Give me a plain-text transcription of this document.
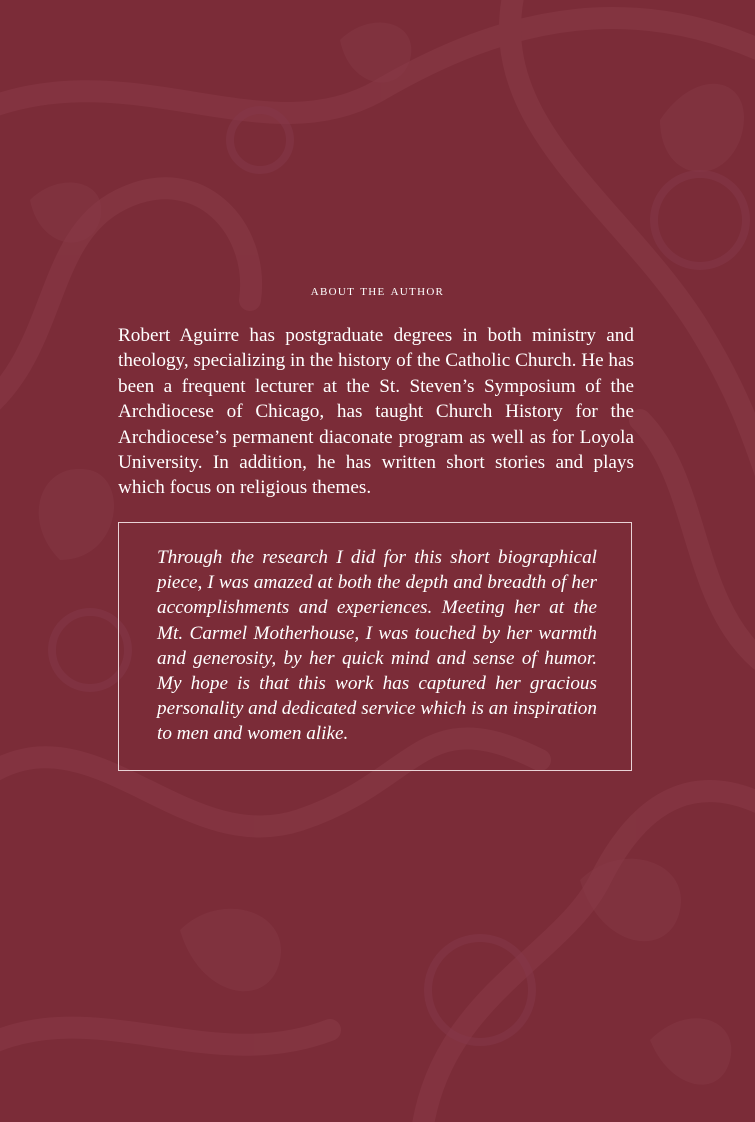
about the author

Robert Aguirre has postgraduate degrees in both ministry and theology, specializing in the history of the Catholic Church. He has been a frequent lecturer at the St. Steven’s Symposium of the Archdiocese of Chicago, has taught Church History for the Archdiocese’s permanent diaconate program as well as for Loyola University. In addition, he has written short stories and plays which focus on religious themes.

Through the research I did for this short biographical piece, I was amazed at both the depth and breadth of her accomplishments and experiences. Meeting her at the Mt. Carmel Motherhouse, I was touched by her warmth and generosity, by her quick mind and sense of humor. My hope is that this work has captured her gracious personality and dedicated service which is an inspiration to men and women alike.
